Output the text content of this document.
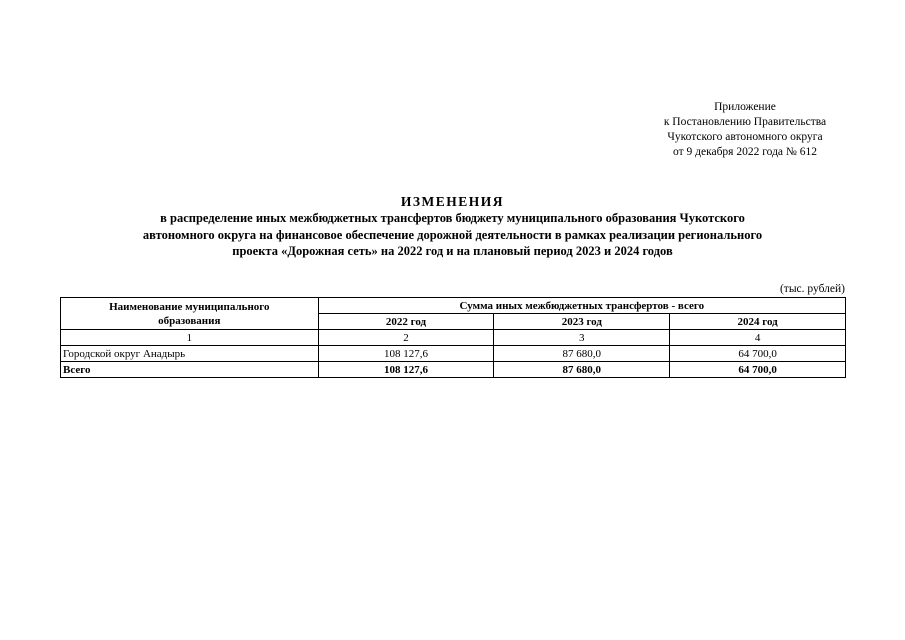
Приложение
к Постановлению Правительства
Чукотского автономного округа
от 9 декабря 2022 года № 612
ИЗМЕНЕНИЯ
в распределение иных межбюджетных трансфертов бюджету муниципального образования Чукотского
автономного округа на финансовое обеспечение дорожной деятельности в рамках реализации регионального
проекта «Дорожная сеть» на 2022 год и на плановый период 2023 и 2024 годов
(тыс. рублей)
Наименование муниципального
образования	Сумма иных межбюджетных трансфертов - всего		
	2022 год	2023 год	2024 год
1	2	3	4
Городской округ Анадырь	108 127,6	87 680,0	64 700,0
Всего	108 127,6	87 680,0	64 700,0
